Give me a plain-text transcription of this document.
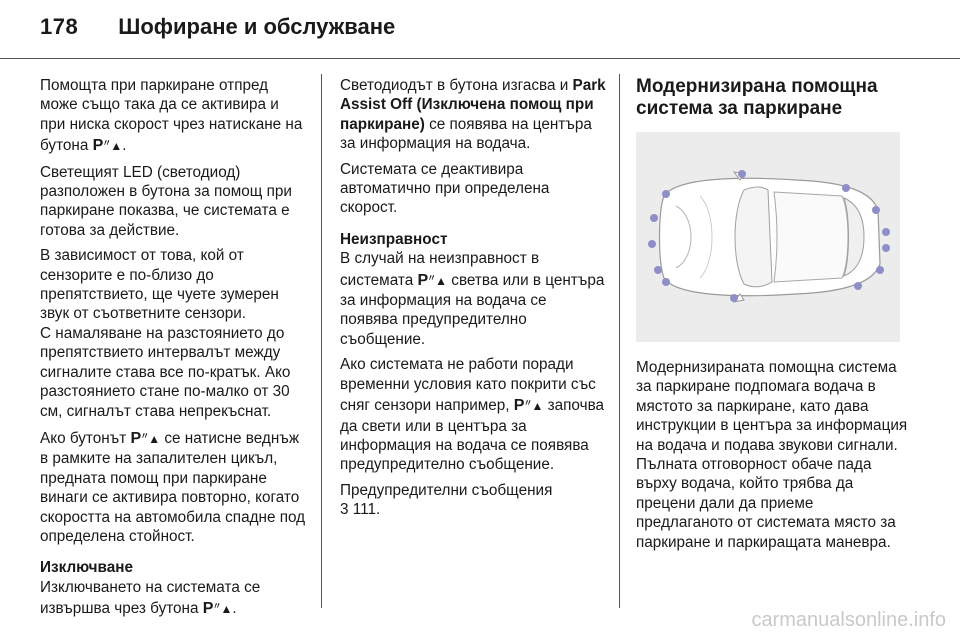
178 Шофиране и обслужване

Помощта при паркиране отпред може също така да се активира и при ниска скорост чрез натискане на бутона P〃▲.

Светещият LED (светодиод) разположен в бутона за помощ при паркиране показва, че системата е готова за действие.

В зависимост от това, кой от сензорите е по-близо до препятствието, ще чуете зумерен звук от съответните сензори.

С намаляване на разстоянието до препятствието интервалът между сигналите става все по-кратък. Ако разстоянието стане по-малко от 30 см, сигналът става непрекъснат.

Ако бутонът P〃▲ се натисне веднъж в рамките на запалителен цикъл, предната помощ при паркиране винаги се активира повторно, когато скоростта на автомобила спадне под определена стойност.

Изключване

Изключването на системата се извършва чрез бутона P〃▲.

Светодиодът в бутона изгасва и Park Assist Off (Изключена помощ при паркиране) се появява на центъра за информация на водача.

Системата се деактивира автоматично при определена скорост.

Неизправност

В случай на неизправност в системата P〃▲ светва или в центъра за информация на водача се появява предупредително съобщение.

Ако системата не работи поради временни условия като покрити със сняг сензори например, P〃▲ започва да свети или в центъра за информация на водача се появява предупредително съобщение.

Предупредителни съобщения
3 111.

Модернизирана помощна система за паркиране

Модернизираната помощна система за паркиране подпомага водача в мястото за паркиране, като дава инструкции в центъра за информация на водача и подава звукови сигнали. Пълната отговорност обаче пада върху водача, който трябва да прецени дали да приеме предлаганото от системата място за паркиране и паркиращата маневра.

carmanualsonline.info
